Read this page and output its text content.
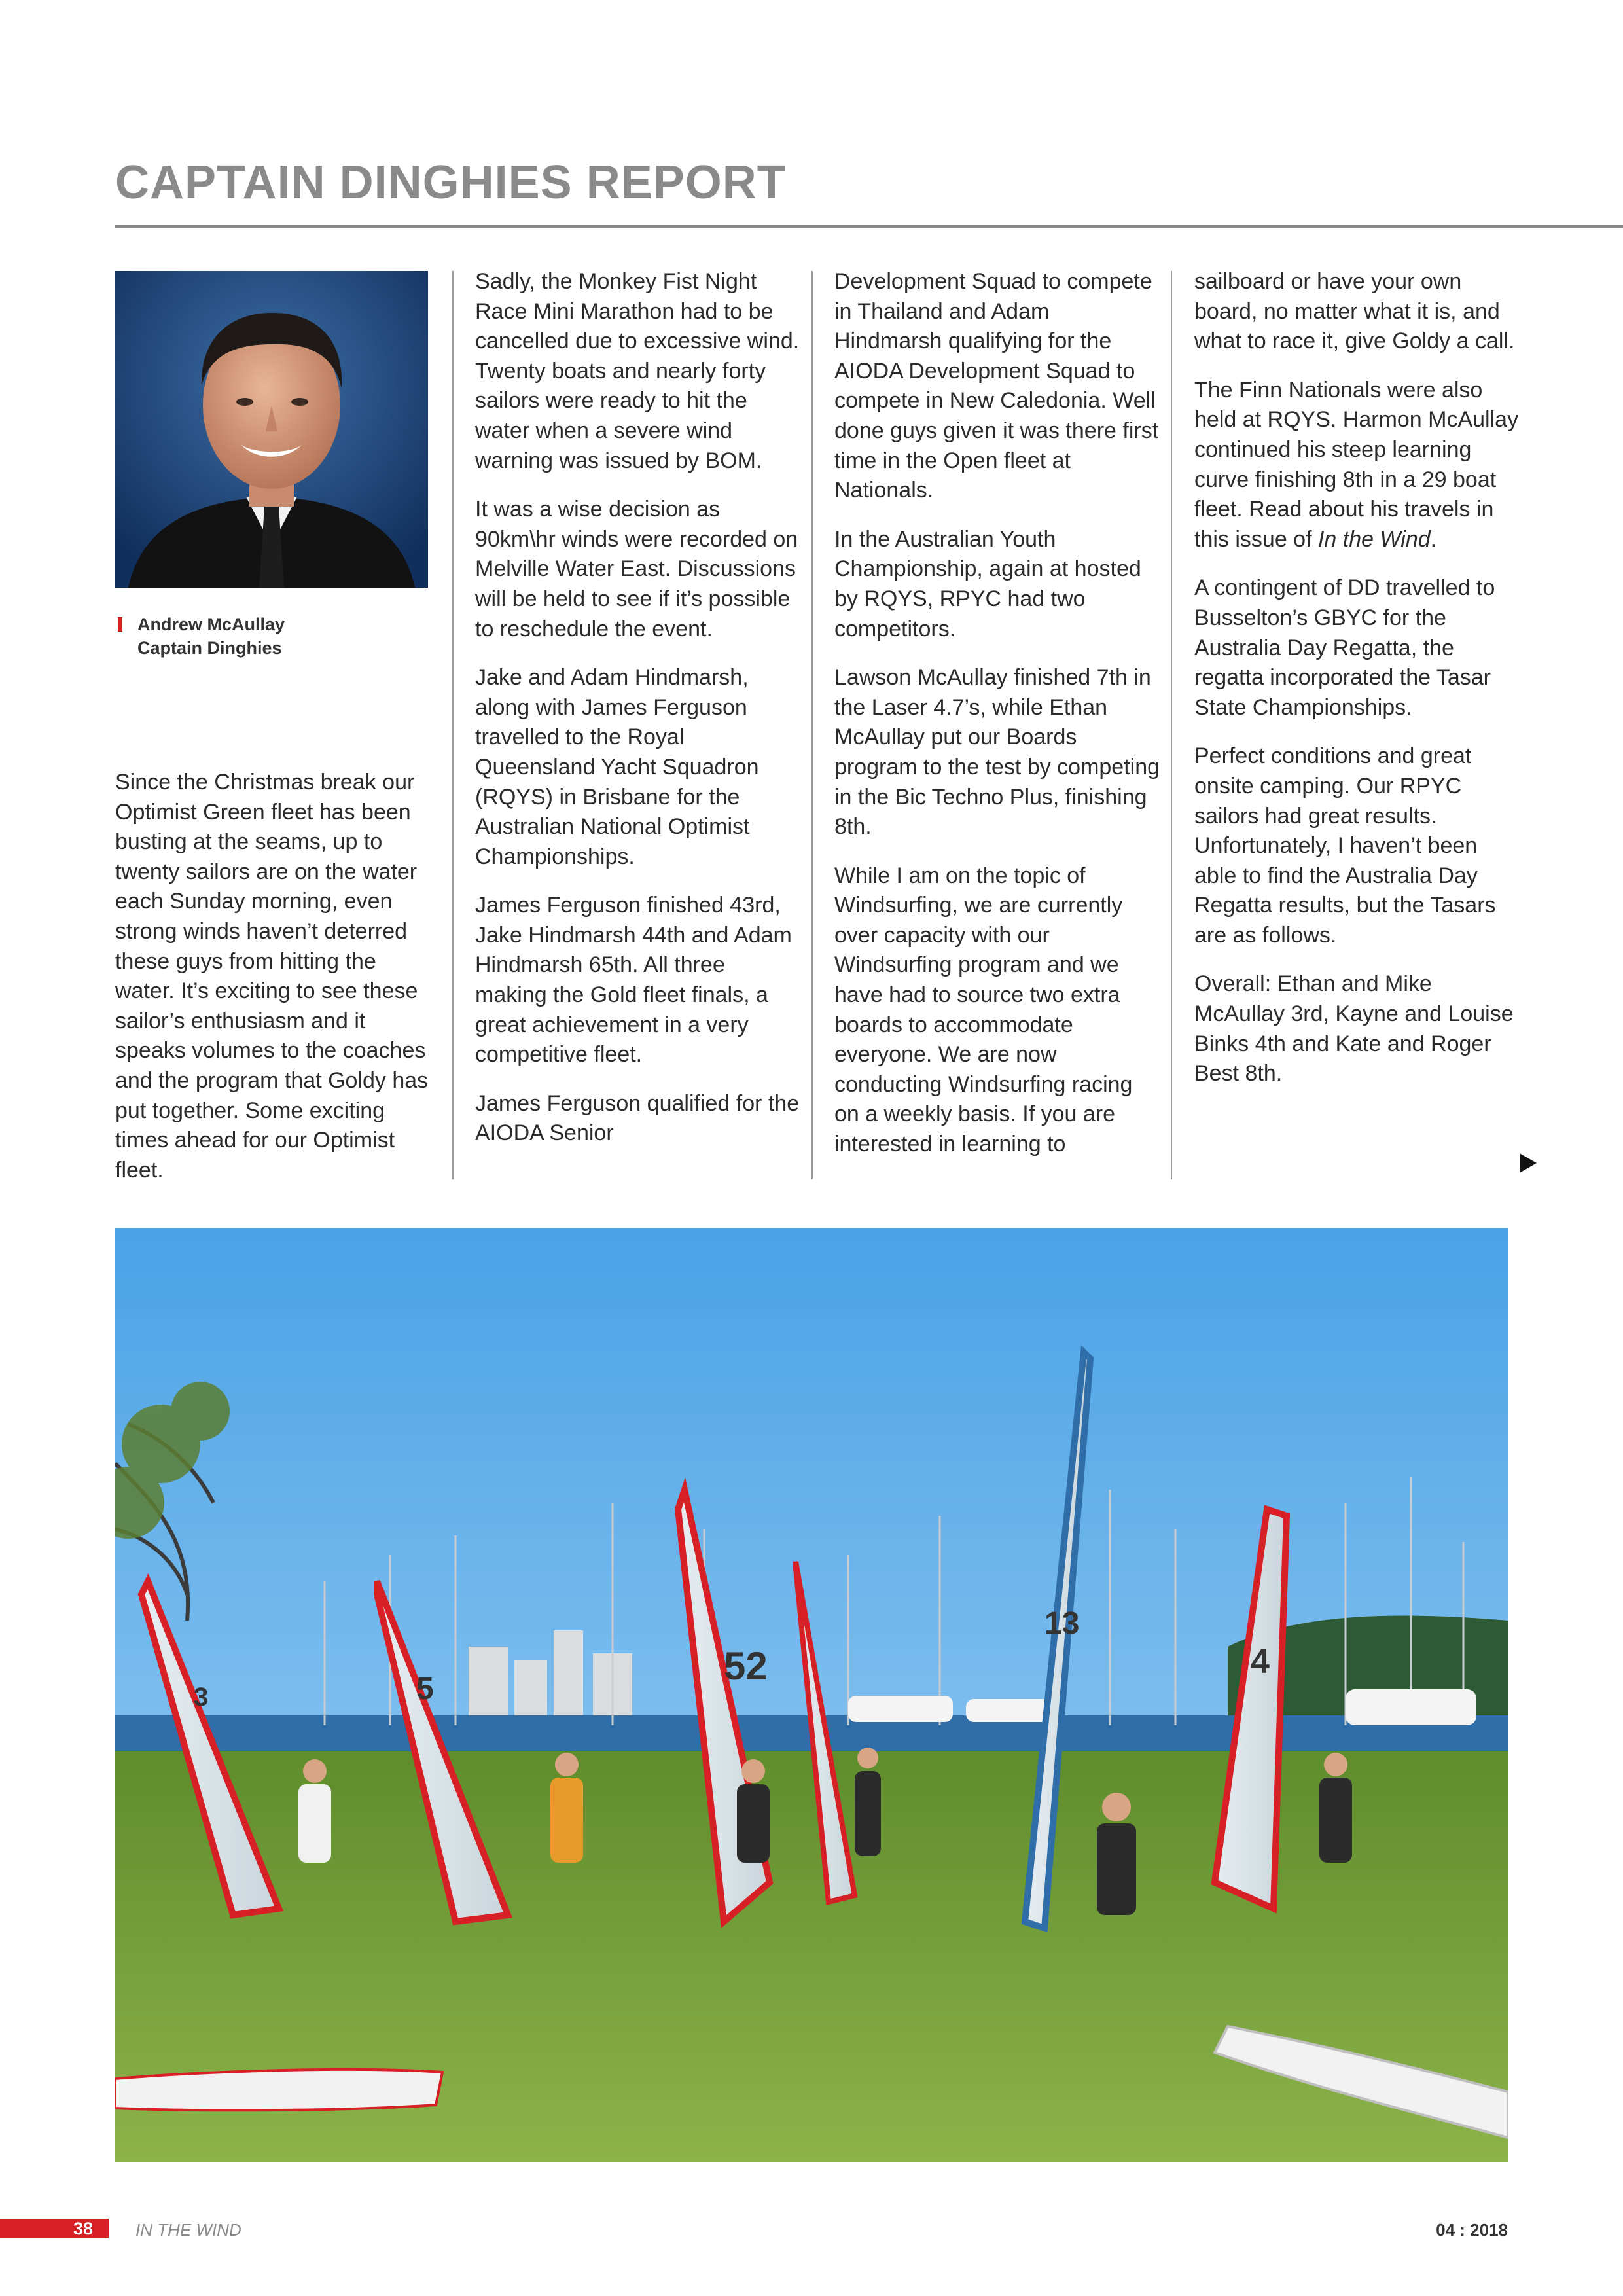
CAPTAIN DINGHIES REPORT
Andrew McAullay
Captain Dinghies

Since the Christmas break our Optimist Green fleet has been busting at the seams, up to twenty sailors are on the water each Sunday morning, even strong winds haven’t deterred these guys from hitting the water. It’s exciting to see these sailor’s enthusiasm and it speaks volumes to the coaches and the program that Goldy has put together. Some exciting times ahead for our Optimist fleet.

Sadly, the Monkey Fist Night Race Mini Marathon had to be cancelled due to excessive wind. Twenty boats and nearly forty sailors were ready to hit the water when a severe wind warning was issued by BOM.

It was a wise decision as 90km\hr winds were recorded on Melville Water East. Discussions will be held to see if it’s possible to reschedule the event.

Jake and Adam Hindmarsh, along with James Ferguson travelled to the Royal Queensland Yacht Squadron (RQYS) in Brisbane for the Australian National Optimist Championships.

James Ferguson finished 43rd, Jake Hindmarsh 44th and Adam Hindmarsh 65th. All three making the Gold fleet finals, a great achievement in a very competitive fleet.

James Ferguson qualified for the AIODA Senior

Development Squad to compete in Thailand and Adam Hindmarsh qualifying for the AIODA Development Squad to compete in New Caledonia. Well done guys given it was there first time in the Open fleet at Nationals.

In the Australian Youth Championship, again at hosted by RQYS, RPYC had two competitors.

Lawson McAullay finished 7th in the Laser 4.7’s, while Ethan McAullay put our Boards program to the test by competing in the Bic Techno Plus, finishing 8th.

While I am on the topic of Windsurfing, we are currently over capacity with our Windsurfing program and we have had to source two extra boards to accommodate everyone. We are now conducting Windsurfing racing on a weekly basis. If you are interested in learning to

sailboard or have your own board, no matter what it is, and what to race it, give Goldy a call.

The Finn Nationals were also held at RQYS. Harmon McAullay continued his steep learning curve finishing 8th in a 29 boat fleet. Read about his travels in this issue of In the Wind.

A contingent of DD travelled to Busselton’s GBYC for the Australia Day Regatta, the regatta incorporated the Tasar State Championships.

Perfect conditions and great onsite camping. Our RPYC sailors had great results. Unfortunately, I haven’t been able to find the Australia Day Regatta results, but the Tasars are as follows.

Overall: Ethan and Mike McAullay 3rd, Kayne and Louise Binks 4th and Kate and Roger Best 8th.

3	5
52
13
4
38 IN THE WIND	04 : 2018
